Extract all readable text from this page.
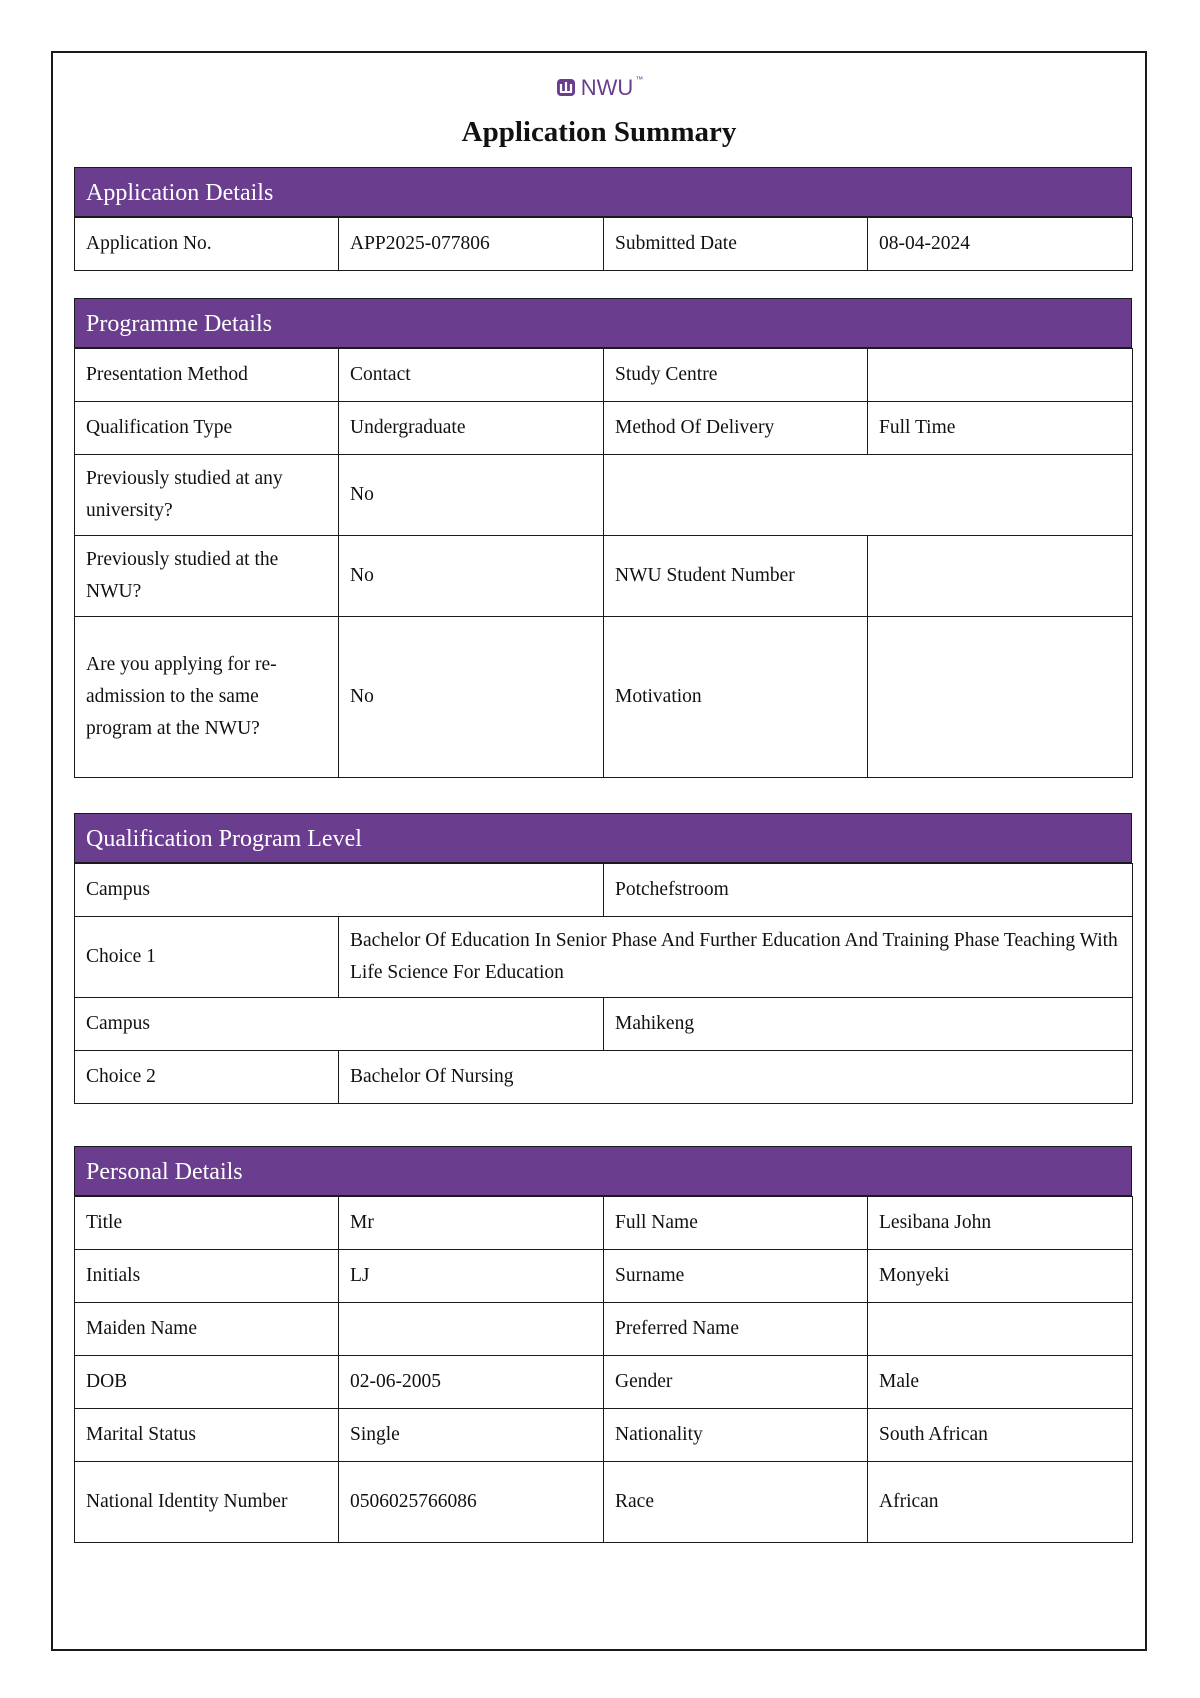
NWU ™
Application Summary
Application Details
Application No.	APP2025-077806	Submitted Date	08-04-2024
Programme Details
Presentation Method	Contact	Study Centre	
Qualification Type	Undergraduate	Method Of Delivery	Full Time
Previously studied at any university?	No		
Previously studied at the NWU?	No	NWU Student Number	
Are you applying for re-admission to the same program at the NWU?	No	Motivation	
Qualification Program Level
Campus		Potchefstroom
Choice 1	Bachelor Of Education In Senior Phase And Further Education And Training Phase Teaching With Life Science For Education	
Campus		Mahikeng
Choice 2	Bachelor Of Nursing	
Personal Details
Title	Mr	Full Name	Lesibana John
Initials	LJ	Surname	Monyeki
Maiden Name		Preferred Name	
DOB	02-06-2005	Gender	Male
Marital Status	Single	Nationality	South African
National Identity Number	0506025766086	Race	African
